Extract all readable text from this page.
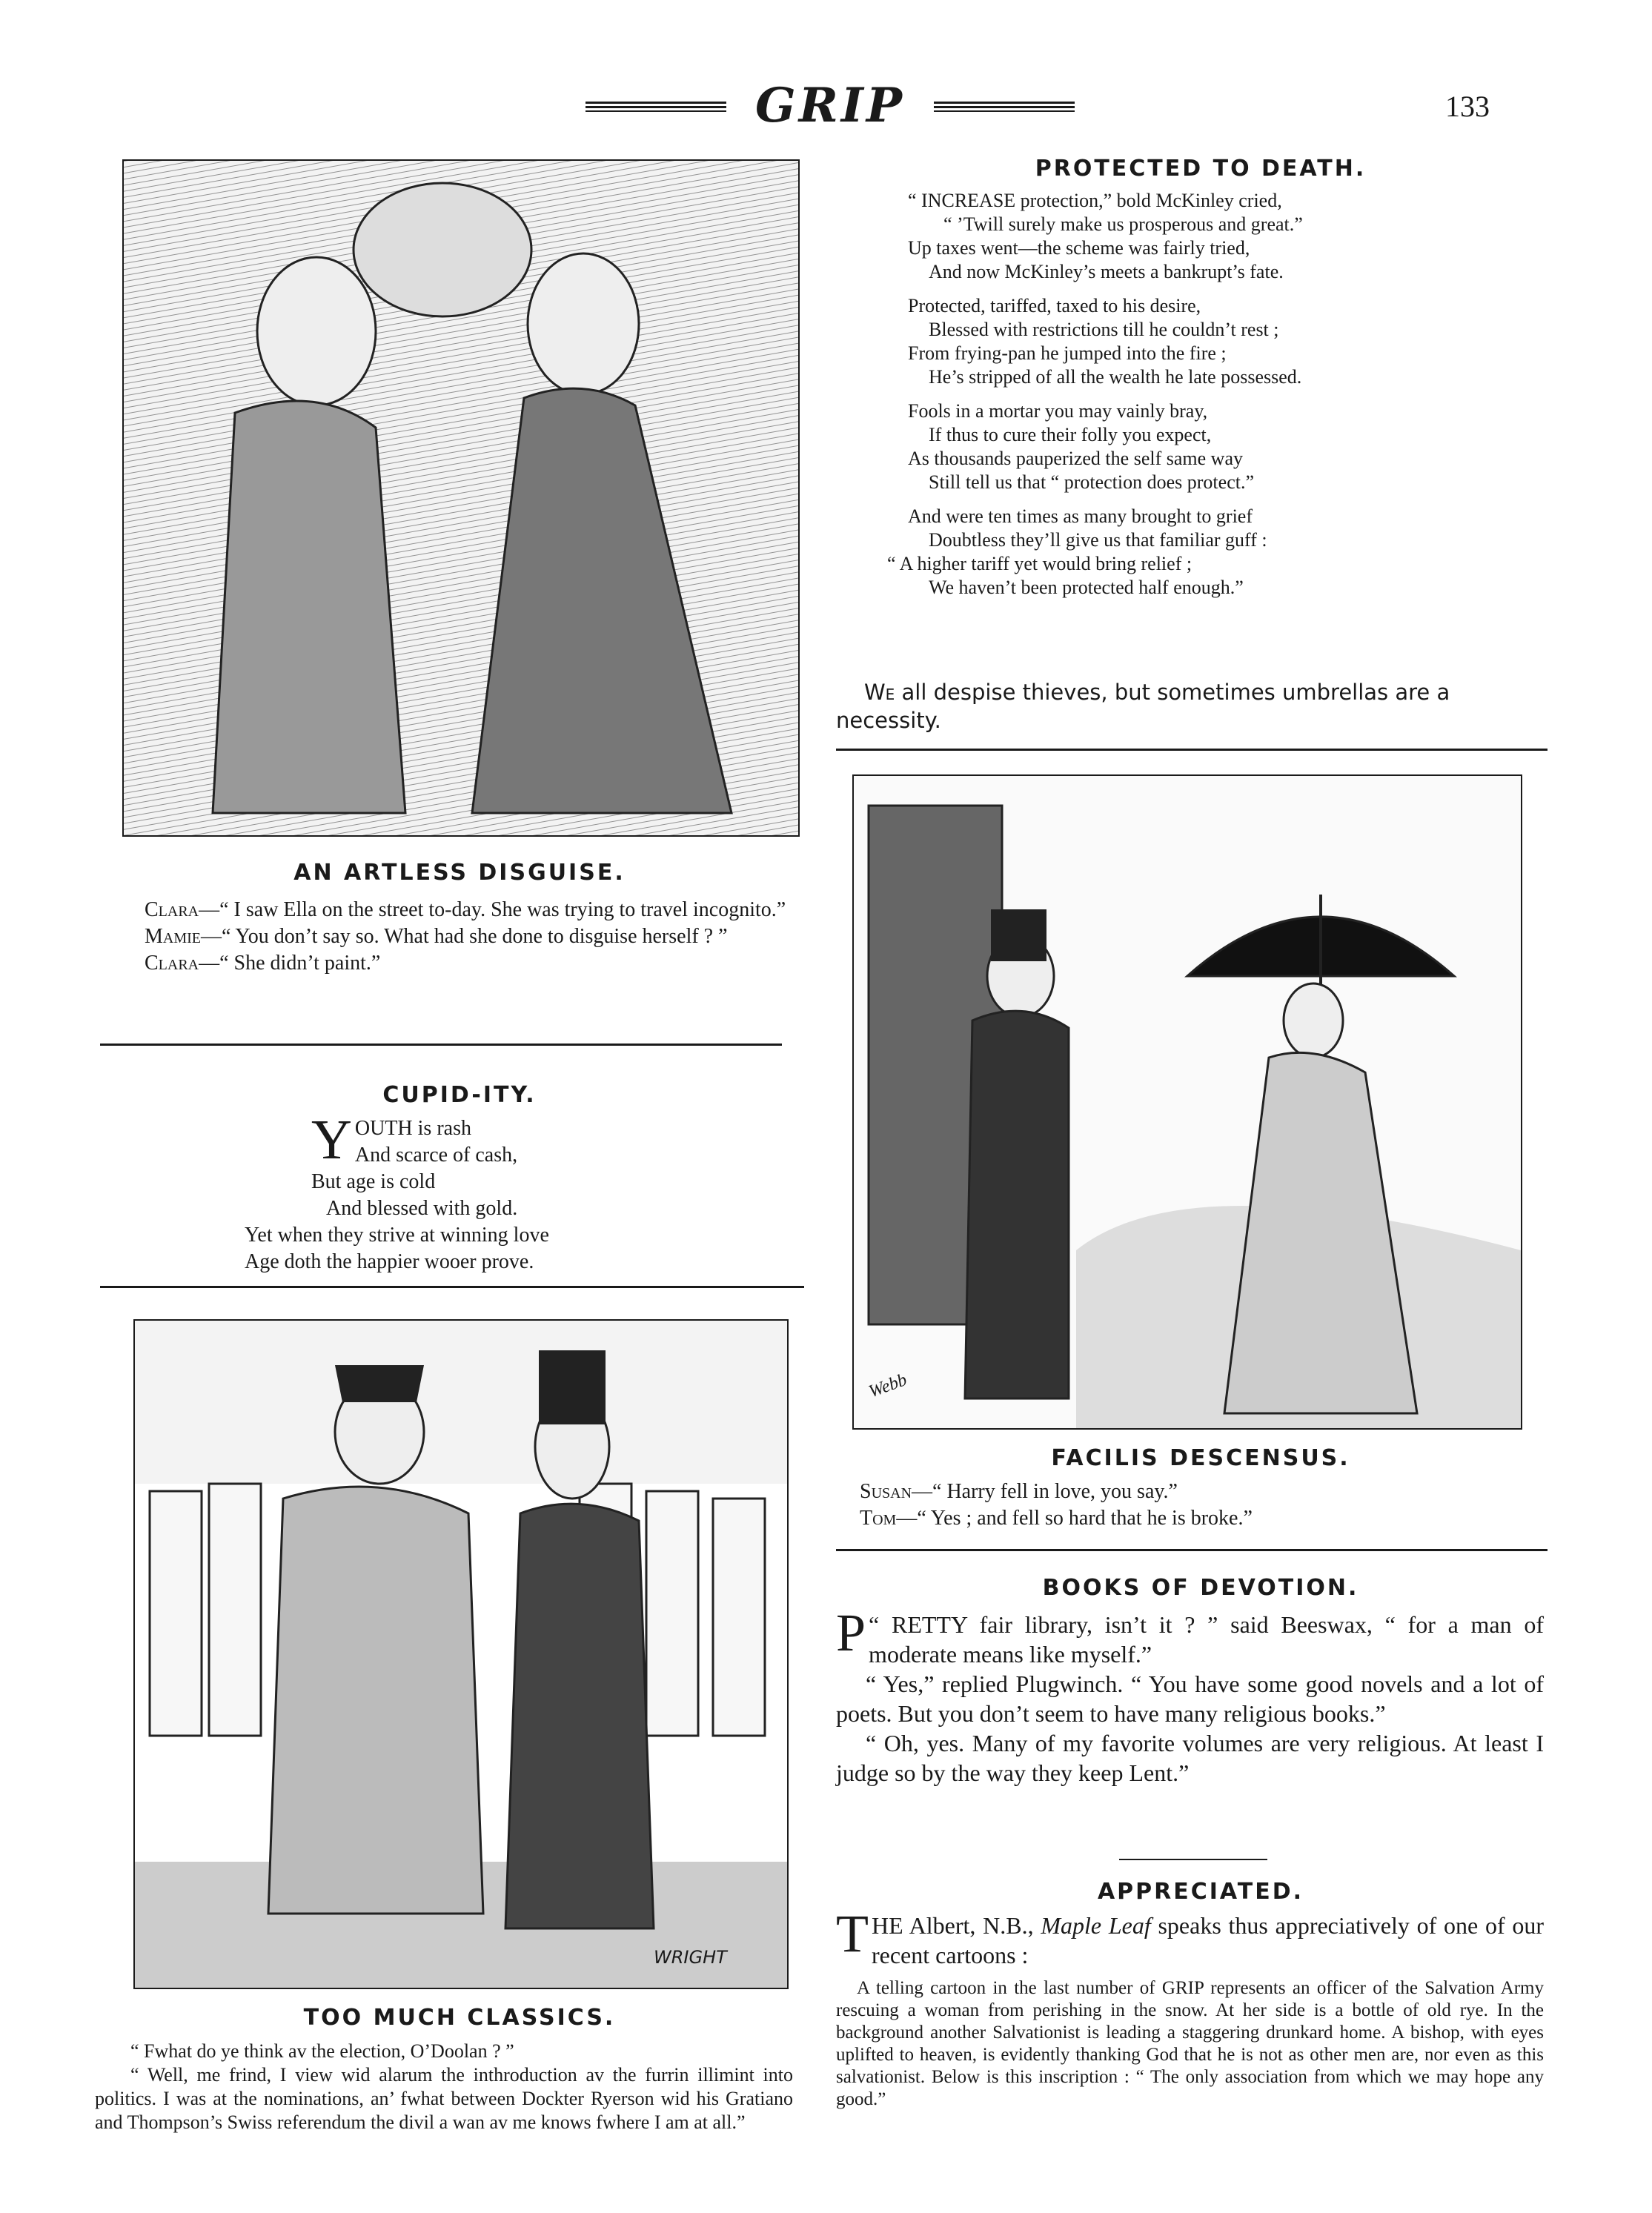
GRIP	133
AN ARTLESS DISGUISE.

Clara—“ I saw Ella on the street to-day. She was trying to travel incognito.”

Mamie—“ You don’t say so. What had she done to disguise herself ? ”

Clara—“ She didn’t paint.”

CUPID-ITY.
Y OUTH is rash

And scarce of cash,

But age is cold

And blessed with gold.

Yet when they strive at winning love

Age doth the happier wooer prove.

WRIGHT
TOO MUCH CLASSICS.

“ Fwhat do ye think av the election, O’Doolan ? ”

“ Well, me frind, I view wid alarum the inthroduction av the furrin illimint into politics. I was at the nominations, an’ fwhat between Dockter Ryerson wid his Gratiano and Thompson’s Swiss referendum the divil a wan av me knows fwhere I am at all.”

PROTECTED TO DEATH.

“ INCREASE protection,” bold McKinley cried,

“ ’Twill surely make us prosperous and great.”

Up taxes went—the scheme was fairly tried,

And now McKinley’s meets a bankrupt’s fate.

Protected, tariffed, taxed to his desire,

Blessed with restrictions till he couldn’t rest ;

From frying-pan he jumped into the fire ;

He’s stripped of all the wealth he late possessed.

Fools in a mortar you may vainly bray,

If thus to cure their folly you expect,

As thousands pauperized the self same way

Still tell us that “ protection does protect.”

And were ten times as many brought to grief

Doubtless they’ll give us that familiar guff :

“ A higher tariff yet would bring relief ;

We haven’t been protected half enough.”

We all despise thieves, but sometimes umbrellas are a necessity.
Webb
FACILIS DESCENSUS.

Susan—“ Harry fell in love, you say.”

Tom—“ Yes ; and fell so hard that he is broke.”

BOOKS OF DEVOTION.

“
P RETTY fair library, isn’t it ? ” said Beeswax, “ for a man of moderate means like myself.”

“ Yes,” replied Plugwinch. “ You have some good novels and a lot of poets. But you don’t seem to have many religious books.”

“ Oh, yes. Many of my favorite volumes are very religious. At least I judge so by the way they keep Lent.”

APPRECIATED.
T HE Albert, N.B., Maple Leaf speaks thus appreciatively of one of our recent cartoons :

A telling cartoon in the last number of GRIP represents an officer of the Salvation Army rescuing a woman from perishing in the snow. At her side is a bottle of old rye. In the background another Salvationist is leading a staggering drunkard home. A bishop, with eyes uplifted to heaven, is evidently thanking God that he is not as other men are, nor even as this salvationist. Below is this inscription : “ The only association from which we may hope any good.”
